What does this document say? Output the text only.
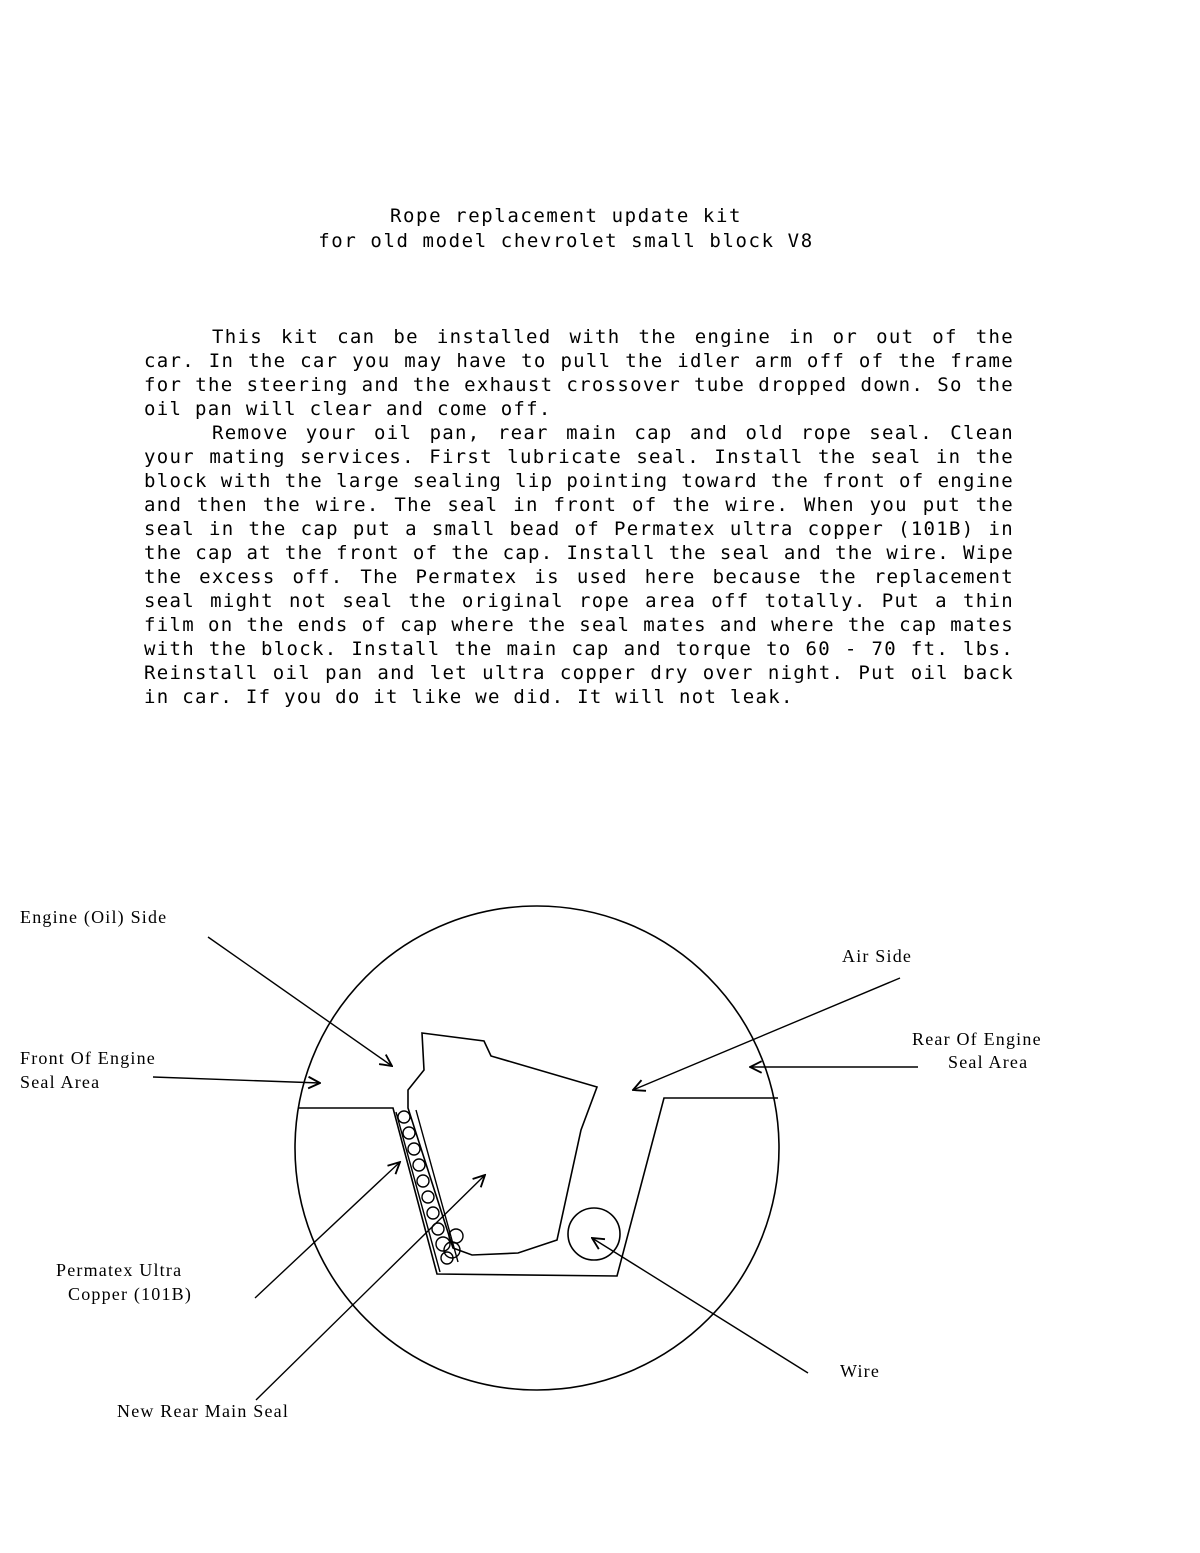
Rope replacement update kit
for old model chevrolet small block V8

This kit can be installed with the engine in or out of the car. In the car you may have to pull the idler arm off of the frame for the steering and the exhaust crossover tube dropped down. So the oil pan will clear and come off.

Remove your oil pan, rear main cap and old rope seal. Clean your mating services. First lubricate seal. Install the seal in the block with the large sealing lip pointing toward the front of engine and then the wire. The seal in front of the wire. When you put the seal in the cap put a small bead of Permatex ultra copper (101B) in the cap at the front of the cap. Install the seal and the wire. Wipe the excess off. The Permatex is used here because the replacement seal might not seal the original rope area off totally. Put a thin film on the ends of cap where the seal mates and where the cap mates with the block. Install the main cap and torque to 60 - 70 ft. lbs. Reinstall oil pan and let ultra copper dry over night. Put oil back in car. If you do it like we did. It will not leak.

Engine (Oil) Side
Air Side
Front Of Engine
Seal Area
Rear Of Engine
Seal Area
Permatex Ultra
Copper (101B)
Wire
New Rear Main Seal
